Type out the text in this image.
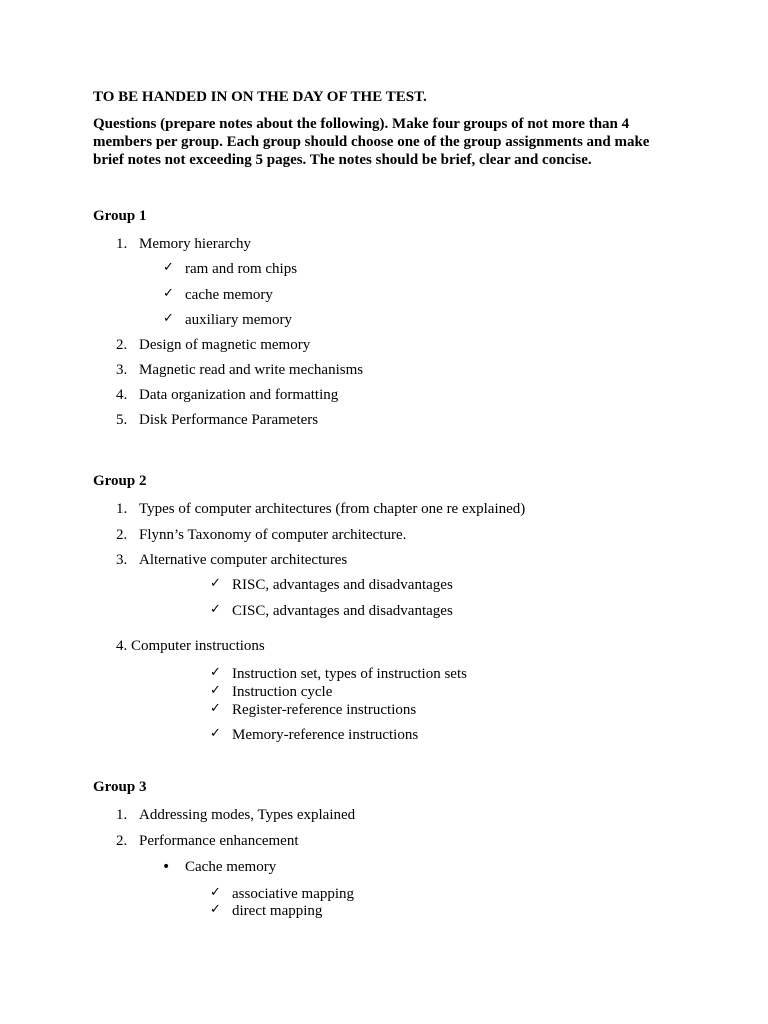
TO BE HANDED IN ON THE DAY OF THE TEST.
Questions (prepare notes about the following). Make four groups of not more than 4
members per group. Each group should choose one of the group assignments and make
brief notes not exceeding 5 pages. The notes should be brief, clear and concise.
Group 1
1. Memory hierarchy
✓ ram and rom chips
✓ cache memory
✓ auxiliary memory
2. Design of magnetic memory
3. Magnetic read and write mechanisms
4. Data organization and formatting
5. Disk Performance Parameters
Group 2
1. Types of computer architectures (from chapter one re explained)
2. Flynn’s Taxonomy of computer architecture.
3. Alternative computer architectures
✓ RISC, advantages and disadvantages
✓ CISC, advantages and disadvantages
4. Computer instructions
✓ Instruction set, types of instruction sets
✓ Instruction cycle
✓ Register-reference instructions
✓ Memory-reference instructions
Group 3
1. Addressing modes, Types explained
2. Performance enhancement
• Cache memory
✓ associative mapping
✓ direct mapping
